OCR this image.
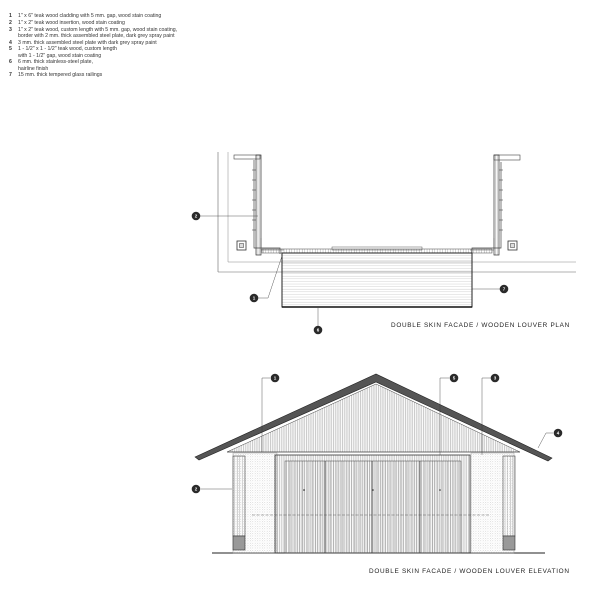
1	1" x 6" teak wood cladding with 5 mm. gap, wood stain coating
2	1" x 2" teak wood insertion, wood stain coating
3	1" x 2" teak wood, custom length with 5 mm. gap, wood stain coating,
border with 2 mm. thick assembled steel plate, dark grey spray paint
4	3 mm. thick assembled steel plate with dark grey spray paint
5	1 - 1/2" x 1 - 1/2" teak wood, custom length
with 1 - 1/2" gap, wood stain coating
6	6 mm. thick stainless-steel plate,
hairline finish
7	15 mm. thick tempered glass railings
2
1
6
7
1	5	3
4
2
DOUBLE SKIN FACADE / WOODEN LOUVER PLAN
DOUBLE SKIN FACADE / WOODEN LOUVER ELEVATION
